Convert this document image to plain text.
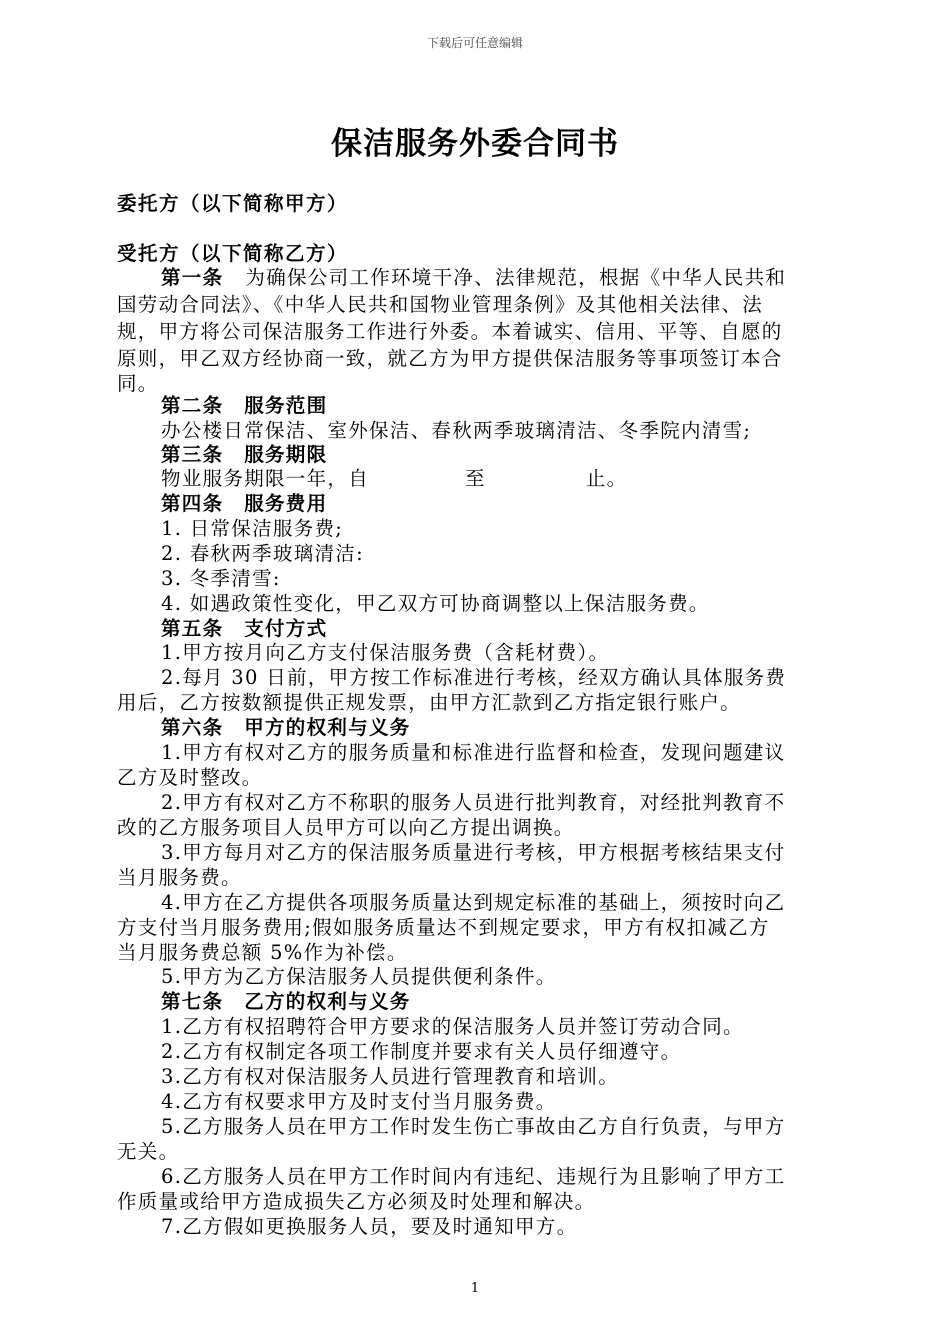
下载后可任意编辑
保洁服务外委合同书
委托方（以下简称甲方）
受托方（以下简称乙方）
第一条 为确保公司工作环境干净、法律规范，根据《中华人民共和
国劳动合同法》、《中华人民共和国物业管理条例》及其他相关法律、法
规，甲方将公司保洁服务工作进行外委。本着诚实、信用、平等、自愿的
原则，甲乙双方经协商一致，就乙方为甲方提供保洁服务等事项签订本合
同。
第二条　服务范围
办公楼日常保洁、室外保洁、春秋两季玻璃清洁、冬季院内清雪;
第三条　服务期限
物业服务期限一年，自	至	止。
第四条　服务费用
1. 日常保洁服务费;
2. 春秋两季玻璃清洁:
3. 冬季清雪:
4. 如遇政策性变化，甲乙双方可协商调整以上保洁服务费。
第五条　支付方式
1.甲方按月向乙方支付保洁服务费（含耗材费）。
2.每月 30 日前，甲方按工作标准进行考核，经双方确认具体服务费
用后，乙方按数额提供正规发票，由甲方汇款到乙方指定银行账户。
第六条　甲方的权利与义务
1.甲方有权对乙方的服务质量和标准进行监督和检查，发现问题建议
乙方及时整改。
2.甲方有权对乙方不称职的服务人员进行批判教育，对经批判教育不
改的乙方服务项目人员甲方可以向乙方提出调换。
3.甲方每月对乙方的保洁服务质量进行考核，甲方根据考核结果支付
当月服务费。
4.甲方在乙方提供各项服务质量达到规定标准的基础上，须按时向乙
方支付当月服务费用;假如服务质量达不到规定要求，甲方有权扣减乙方
当月服务费总额 5%作为补偿。
5.甲方为乙方保洁服务人员提供便利条件。
第七条　乙方的权利与义务
1.乙方有权招聘符合甲方要求的保洁服务人员并签订劳动合同。
2.乙方有权制定各项工作制度并要求有关人员仔细遵守。
3.乙方有权对保洁服务人员进行管理教育和培训。
4.乙方有权要求甲方及时支付当月服务费。
5.乙方服务人员在甲方工作时发生伤亡事故由乙方自行负责，与甲方
无关。
6.乙方服务人员在甲方工作时间内有违纪、违规行为且影响了甲方工
作质量或给甲方造成损失乙方必须及时处理和解决。
7.乙方假如更换服务人员，要及时通知甲方。
1
